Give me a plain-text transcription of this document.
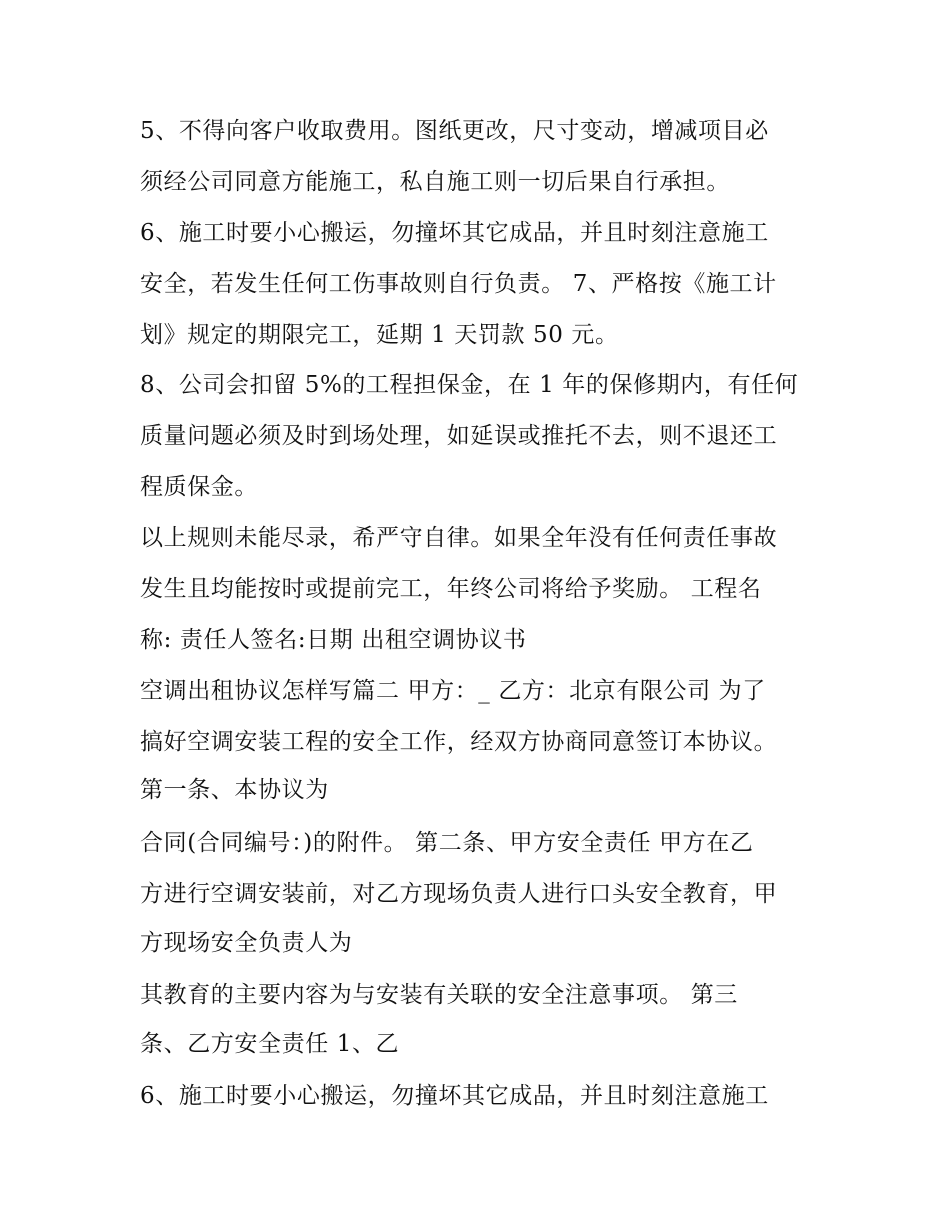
5、不得向客户收取费用。图纸更改，尺寸变动，增减项目必
须经公司同意方能施工，私自施工则一切后果自行承担。
6、施工时要小心搬运，勿撞坏其它成品，并且时刻注意施工
安全，若发生任何工伤事故则自行负责。 7、严格按《施工计
划》规定的期限完工，延期 1 天罚款 50 元。
8、公司会扣留 5%的工程担保金，在 1 年的保修期内，有任何
质量问题必须及时到场处理，如延误或推托不去，则不退还工
程质保金。
以上规则未能尽录，希严守自律。如果全年没有任何责任事故
发生且均能按时或提前完工，年终公司将给予奖励。 工程名
称: 责任人签名:日期 出租空调协议书
空调出租协议怎样写篇二 甲方：_ 乙方：北京有限公司 为了
搞好空调安装工程的安全工作，经双方协商同意签订本协议。
第一条、本协议为
合同(合同编号：)的附件。 第二条、甲方安全责任 甲方在乙
方进行空调安装前，对乙方现场负责人进行口头安全教育，甲
方现场安全负责人为
其教育的主要内容为与安装有关联的安全注意事项。 第三
条、乙方安全责任 1、乙
6、施工时要小心搬运，勿撞坏其它成品，并且时刻注意施工
